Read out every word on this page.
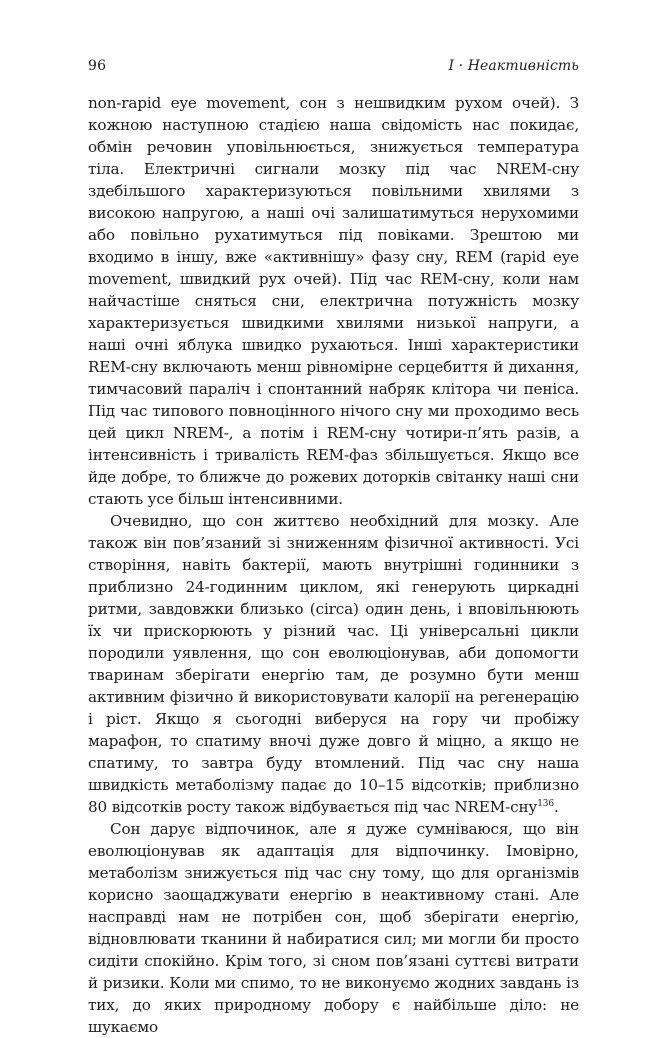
96	I · Неактивність

non-rapid eye movement, сон з нешвидким рухом очей). З кожною наступною стадією наша свідомість нас покидає, обмін речовин уповільнюється, знижується температура тіла. Електричні сигнали мозку під час NREM-сну здебільшого характеризуються повільними хвилями з високою напругою, а наші очі залишатимуться нерухомими або повільно рухатимуться під повіками. Зрештою ми входимо в іншу, вже «активнішу» фазу сну, REM (rapid eye movement, швидкий рух очей). Під час REM-сну, коли нам найчастіше сняться сни, електрична потужність мозку характеризується швидкими хвилями низької напруги, а наші очні яблука швидко рухаються. Інші характеристики REM-сну включають менш рівномірне серцебиття й дихання, тимчасовий параліч і спонтанний набряк клітора чи пеніса. Під час типового повноцінного нічого сну ми проходимо весь цей цикл NREM-, а потім і REM-сну чотири-п’ять разів, а інтенсивність і тривалість REM-фаз збільшується. Якщо все йде добре, то ближче до рожевих доторків світанку наші сни стають усе більш інтенсивними.

Очевидно, що сон життєво необхідний для мозку. Але також він пов’язаний зі зниженням фізичної активності. Усі створіння, навіть бактерії, мають внутрішні годинники з приблизно 24-годинним циклом, які генерують циркадні ритми, завдовжки близько (circa) один день, і вповільнюють їх чи прискорюють у різний час. Ці універсальні цикли породили уявлення, що сон еволюціонував, аби допомогти тваринам зберігати енергію там, де розумно бути менш активним фізично й використовувати калорії на регенерацію і ріст. Якщо я сьогодні виберуся на гору чи пробіжу марафон, то спатиму вночі дуже довго й міцно, а якщо не спатиму, то завтра буду втомлений. Під час сну наша швидкість метаболізму падає до 10–15 відсотків; приблизно 80 відсотків росту також відбувається під час NREM-сну$^{136}$.

Сон дарує відпочинок, але я дуже сумніваюся, що він еволюціонував як адаптація для відпочинку. Імовірно, метаболізм знижується під час сну тому, що для організмів корисно заощаджувати енергію в неактивному стані. Але насправді нам не потрібен сон, щоб зберігати енергію, відновлювати тканини й набиратися сил; ми могли би просто сидіти спокійно. Крім того, зі сном пов’язані суттєві витрати й ризики. Коли ми спимо, то не виконуємо жодних завдань із тих, до яких природному добору є найбільше діло: не шукаємо
